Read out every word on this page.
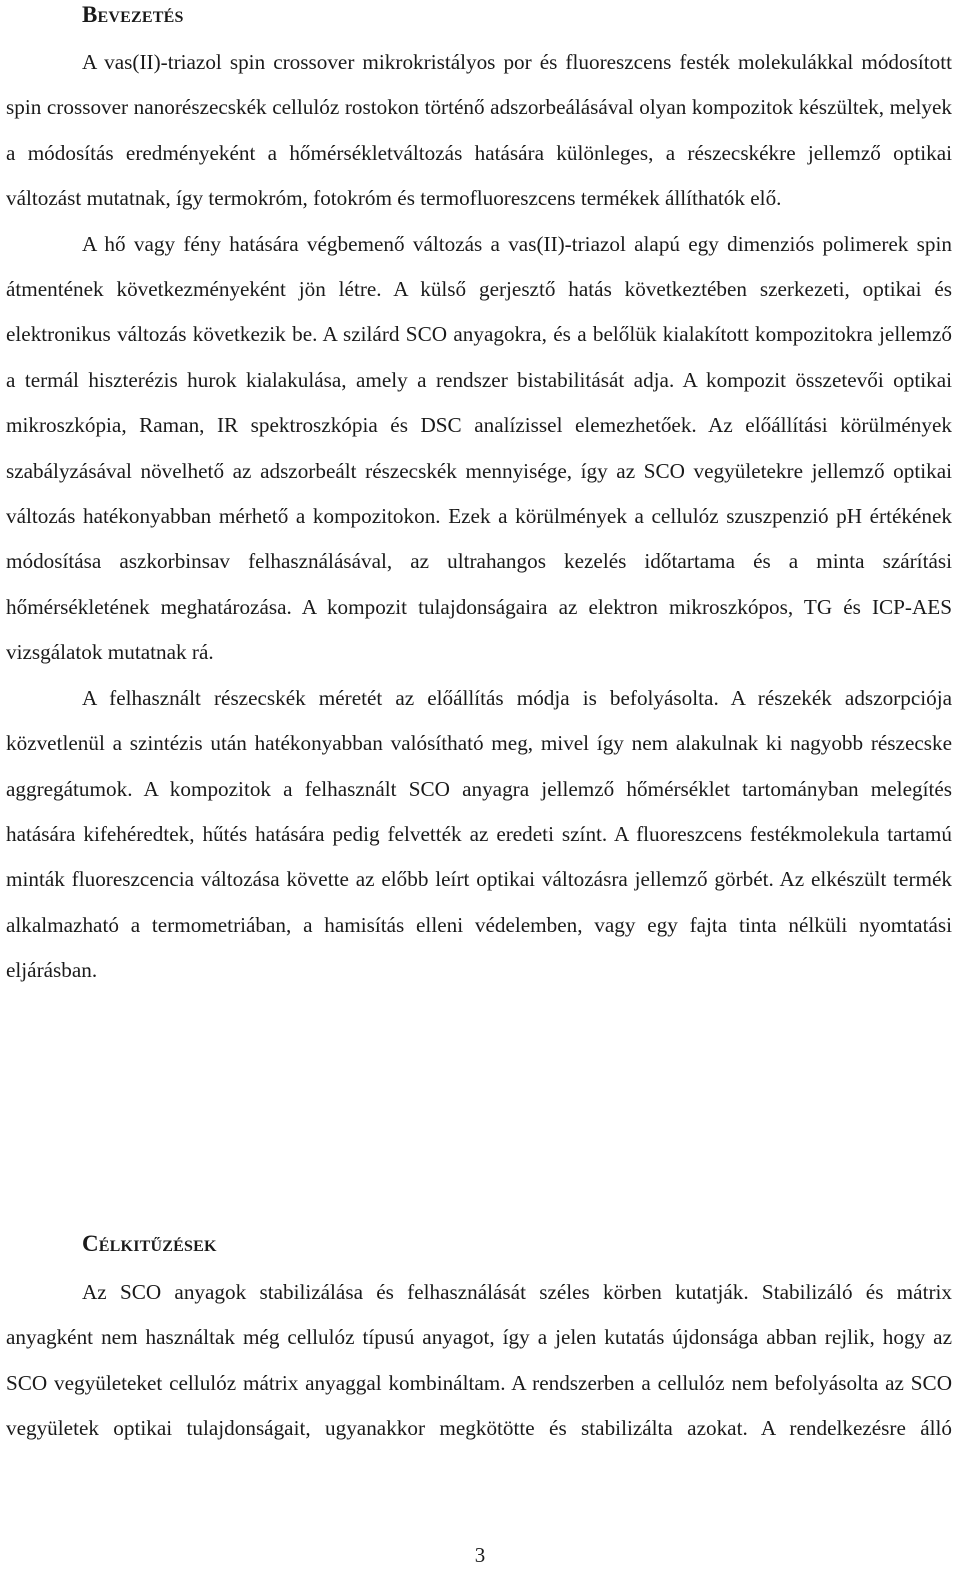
Bevezetés

A vas(II)-triazol spin crossover mikrokristályos por és fluoreszcens festék molekulákkal módosított spin crossover nanorészecskék cellulóz rostokon történő adszorbeálásával olyan kompozitok készültek, melyek a módosítás eredményeként a hőmérsékletváltozás hatására különleges, a részecskékre jellemző optikai változást mutatnak, így termokróm, fotokróm és termofluoreszcens termékek állíthatók elő.

A hő vagy fény hatására végbemenő változás a vas(II)-triazol alapú egy dimenziós polimerek spin átmentének következményeként jön létre. A külső gerjesztő hatás következtében szerkezeti, optikai és elektronikus változás következik be. A szilárd SCO anyagokra, és a belőlük kialakított kompozitokra jellemző a termál hiszterézis hurok kialakulása, amely a rendszer bistabilitását adja. A kompozit összetevői optikai mikroszkópia, Raman, IR spektroszkópia és DSC analízissel elemezhetőek. Az előállítási körülmények szabályzásával növelhető az adszorbeált részecskék mennyisége, így az SCO vegyületekre jellemző optikai változás hatékonyabban mérhető a kompozitokon. Ezek a körülmények a cellulóz szuszpenzió pH értékének módosítása aszkorbinsav felhasználásával, az ultrahangos kezelés időtartama és a minta szárítási hőmérsékletének meghatározása. A kompozit tulajdonságaira az elektron mikroszkópos, TG és ICP-AES vizsgálatok mutatnak rá.

A felhasznált részecskék méretét az előállítás módja is befolyásolta. A részekék adszorpciója közvetlenül a szintézis után hatékonyabban valósítható meg, mivel így nem alakulnak ki nagyobb részecske aggregátumok. A kompozitok a felhasznált SCO anyagra jellemző hőmérséklet tartományban melegítés hatására kifehéredtek, hűtés hatására pedig felvették az eredeti színt. A fluoreszcens festékmolekula tartamú minták fluoreszcencia változása követte az előbb leírt optikai változásra jellemző görbét. Az elkészült termék alkalmazható a termometriában, a hamisítás elleni védelemben, vagy egy fajta tinta nélküli nyomtatási eljárásban.

Célkitűzések

Az SCO anyagok stabilizálása és felhasználását széles körben kutatják. Stabilizáló és mátrix anyagként nem használtak még cellulóz típusú anyagot, így a jelen kutatás újdonsága abban rejlik, hogy az SCO vegyületeket cellulóz mátrix anyaggal kombináltam. A rendszerben a cellulóz nem befolyásolta az SCO vegyületek optikai tulajdonságait, ugyanakkor megkötötte és stabilizálta azokat. A rendelkezésre álló

3
